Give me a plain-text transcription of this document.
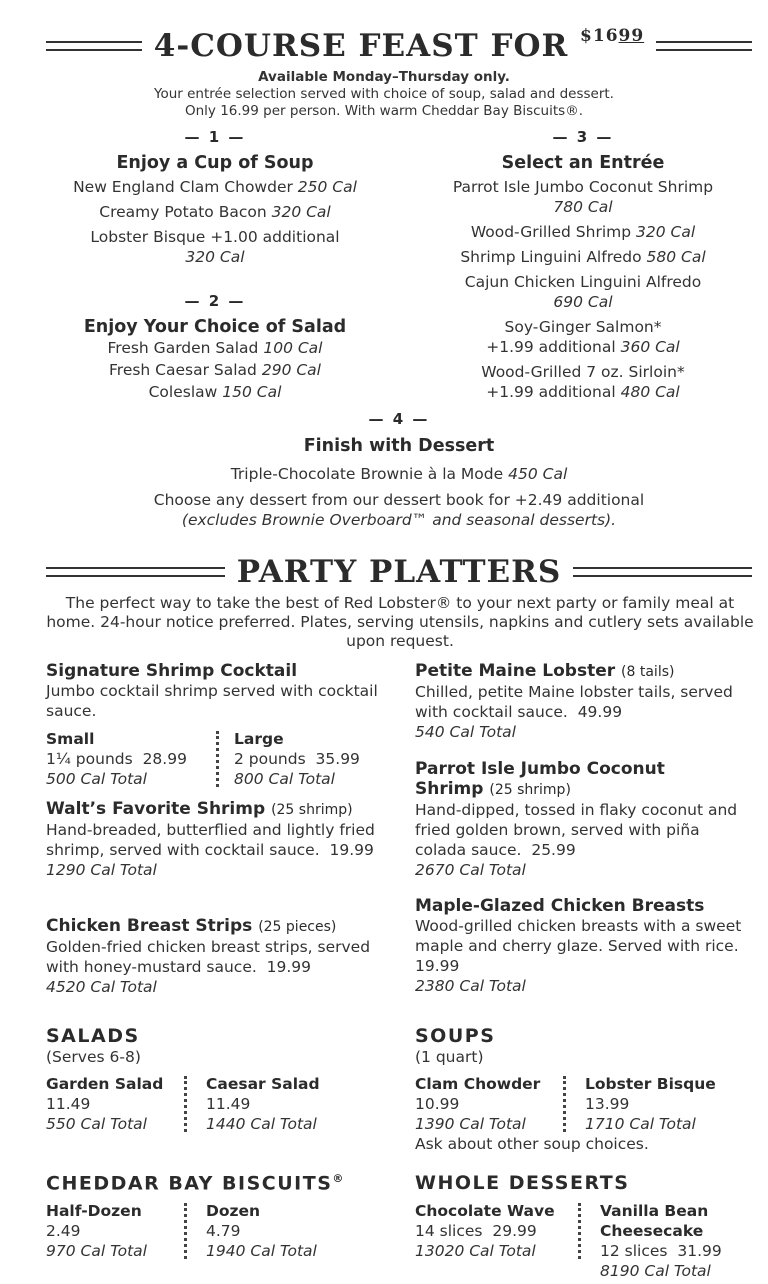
4-COURSE FEAST FOR $^{\$1699}$
Available Monday–Thursday only.
Your entrée selection served with choice of soup, salad and dessert.
Only 16.99 per person. With warm Cheddar Bay Biscuits®.
— 1 —
Enjoy a Cup of Soup
New England Clam Chowder 250 Cal
Creamy Potato Bacon 320 Cal
Lobster Bisque +1.00 additional
320 Cal
— 2 —
Enjoy Your Choice of Salad
Fresh Garden Salad 100 Cal
Fresh Caesar Salad 290 Cal
Coleslaw 150 Cal
— 3 —
Select an Entrée
Parrot Isle Jumbo Coconut Shrimp
780 Cal
Wood-Grilled Shrimp 320 Cal
Shrimp Linguini Alfredo 580 Cal
Cajun Chicken Linguini Alfredo
690 Cal
Soy-Ginger Salmon*
+1.99 additional 360 Cal
Wood-Grilled 7 oz. Sirloin*
+1.99 additional 480 Cal
— 4 —
Finish with Dessert
Triple-Chocolate Brownie à la Mode 450 Cal
Choose any dessert from our dessert book for +2.49 additional
(excludes Brownie Overboard™ and seasonal desserts).
PARTY PLATTERS
The perfect way to take the best of Red Lobster® to your next party or family meal at home. 24-hour notice preferred. Plates, serving utensils, napkins and cutlery sets available upon request.
Signature Shrimp Cocktail
Jumbo cocktail shrimp served with cocktail sauce.
Small
1¼ pounds 28.99
500 Cal Total
Large
2 pounds 35.99
800 Cal Total
Walt’s Favorite Shrimp (25 shrimp)
Hand-breaded, butterflied and lightly fried shrimp, served with cocktail sauce. 19.99
1290 Cal Total
Chicken Breast Strips (25 pieces)
Golden-fried chicken breast strips, served with honey-mustard sauce. 19.99
4520 Cal Total
Petite Maine Lobster (8 tails)
Chilled, petite Maine lobster tails, served with cocktail sauce. 49.99
540 Cal Total
Parrot Isle Jumbo Coconut
Shrimp (25 shrimp)
Hand-dipped, tossed in flaky coconut and fried golden brown, served with piña colada sauce. 25.99
2670 Cal Total
Maple-Glazed Chicken Breasts
Wood-grilled chicken breasts with a sweet maple and cherry glaze. Served with rice.  19.99
2380 Cal Total
SALADS
(Serves 6-8)
Garden Salad
11.49
550 Cal Total
Caesar Salad
11.49
1440 Cal Total
SOUPS
(1 quart)
Clam Chowder
10.99
1390 Cal Total
Lobster Bisque
13.99
1710 Cal Total
Ask about other soup choices.
CHEDDAR BAY BISCUITS®
Half-Dozen
2.49
970 Cal Total
Dozen
4.79
1940 Cal Total
WHOLE DESSERTS
Chocolate Wave
14 slices 29.99
13020 Cal Total
Vanilla Bean
Cheesecake
12 slices 31.99
8190 Cal Total
